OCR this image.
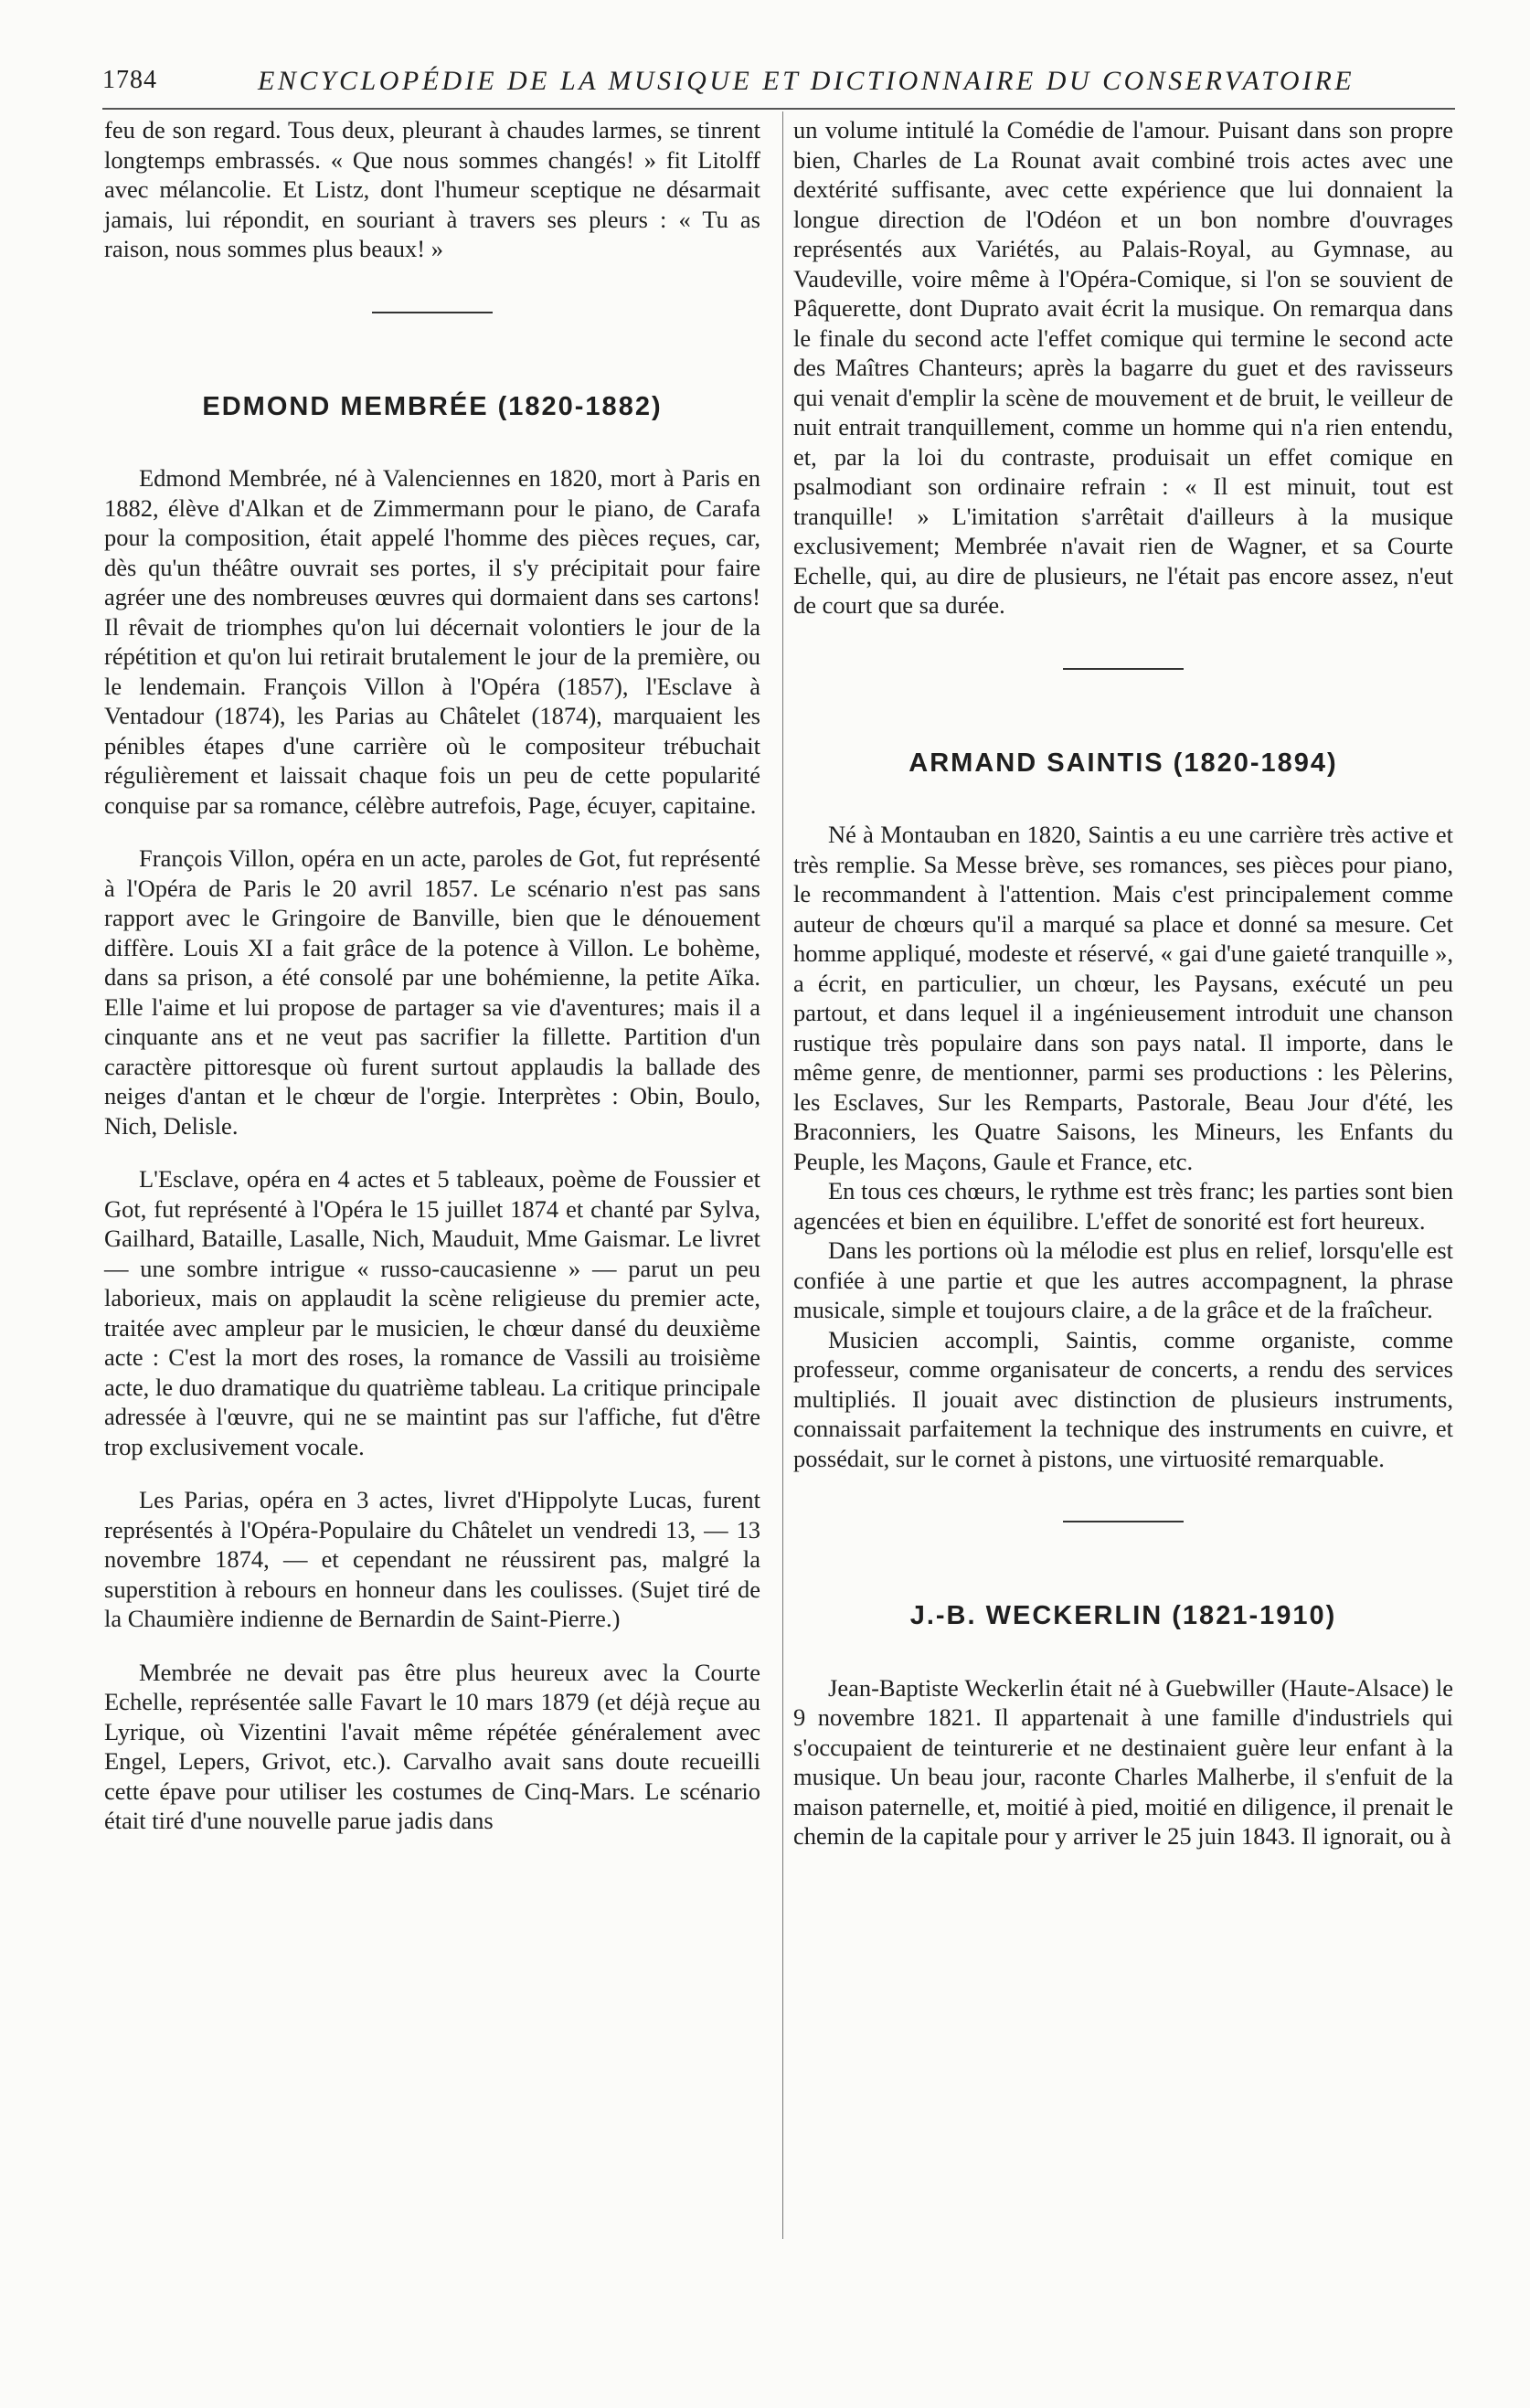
1784	ENCYCLOPÉDIE DE LA MUSIQUE ET DICTIONNAIRE DU CONSERVATOIRE

feu de son regard. Tous deux, pleurant à chaudes larmes, se tinrent longtemps embrassés. « Que nous sommes changés! » fit Litolff avec mélancolie. Et Listz, dont l'humeur sceptique ne désarmait jamais, lui répondit, en souriant à travers ses pleurs : « Tu as raison, nous sommes plus beaux! »

EDMOND MEMBRÉE (1820-1882)

Edmond Membrée, né à Valenciennes en 1820, mort à Paris en 1882, élève d'Alkan et de Zimmermann pour le piano, de Carafa pour la composition, était appelé l'homme des pièces reçues, car, dès qu'un théâtre ouvrait ses portes, il s'y précipitait pour faire agréer une des nombreuses œuvres qui dormaient dans ses cartons! Il rêvait de triomphes qu'on lui décernait volontiers le jour de la répétition et qu'on lui retirait brutalement le jour de la première, ou le lendemain. François Villon à l'Opéra (1857), l'Esclave à Ventadour (1874), les Parias au Châtelet (1874), marquaient les pénibles étapes d'une carrière où le compositeur trébuchait régulièrement et laissait chaque fois un peu de cette popularité conquise par sa romance, célèbre autrefois, Page, écuyer, capitaine.

François Villon, opéra en un acte, paroles de Got, fut représenté à l'Opéra de Paris le 20 avril 1857. Le scénario n'est pas sans rapport avec le Gringoire de Banville, bien que le dénouement diffère. Louis XI a fait grâce de la potence à Villon. Le bohème, dans sa prison, a été consolé par une bohémienne, la petite Aïka. Elle l'aime et lui propose de partager sa vie d'aventures; mais il a cinquante ans et ne veut pas sacrifier la fillette. Partition d'un caractère pittoresque où furent surtout applaudis la ballade des neiges d'antan et le chœur de l'orgie. Interprètes : Obin, Boulo, Nich, Delisle.

L'Esclave, opéra en 4 actes et 5 tableaux, poème de Foussier et Got, fut représenté à l'Opéra le 15 juillet 1874 et chanté par Sylva, Gailhard, Bataille, Lasalle, Nich, Mauduit, Mme Gaismar. Le livret — une sombre intrigue « russo-caucasienne » — parut un peu laborieux, mais on applaudit la scène religieuse du premier acte, traitée avec ampleur par le musicien, le chœur dansé du deuxième acte : C'est la mort des roses, la romance de Vassili au troisième acte, le duo dramatique du quatrième tableau. La critique principale adressée à l'œuvre, qui ne se maintint pas sur l'affiche, fut d'être trop exclusivement vocale.

Les Parias, opéra en 3 actes, livret d'Hippolyte Lucas, furent représentés à l'Opéra-Populaire du Châtelet un vendredi 13, — 13 novembre 1874, — et cependant ne réussirent pas, malgré la superstition à rebours en honneur dans les coulisses. (Sujet tiré de la Chaumière indienne de Bernardin de Saint-Pierre.)

Membrée ne devait pas être plus heureux avec la Courte Echelle, représentée salle Favart le 10 mars 1879 (et déjà reçue au Lyrique, où Vizentini l'avait même répétée généralement avec Engel, Lepers, Grivot, etc.). Carvalho avait sans doute recueilli cette épave pour utiliser les costumes de Cinq-Mars. Le scénario était tiré d'une nouvelle parue jadis dans

un volume intitulé la Comédie de l'amour. Puisant dans son propre bien, Charles de La Rounat avait combiné trois actes avec une dextérité suffisante, avec cette expérience que lui donnaient la longue direction de l'Odéon et un bon nombre d'ouvrages représentés aux Variétés, au Palais-Royal, au Gymnase, au Vaudeville, voire même à l'Opéra-Comique, si l'on se souvient de Pâquerette, dont Duprato avait écrit la musique. On remarqua dans le finale du second acte l'effet comique qui termine le second acte des Maîtres Chanteurs; après la bagarre du guet et des ravisseurs qui venait d'emplir la scène de mouvement et de bruit, le veilleur de nuit entrait tranquillement, comme un homme qui n'a rien entendu, et, par la loi du contraste, produisait un effet comique en psalmodiant son ordinaire refrain : « Il est minuit, tout est tranquille! » L'imitation s'arrêtait d'ailleurs à la musique exclusivement; Membrée n'avait rien de Wagner, et sa Courte Echelle, qui, au dire de plusieurs, ne l'était pas encore assez, n'eut de court que sa durée.

ARMAND SAINTIS (1820-1894)

Né à Montauban en 1820, Saintis a eu une carrière très active et très remplie. Sa Messe brève, ses romances, ses pièces pour piano, le recommandent à l'attention. Mais c'est principalement comme auteur de chœurs qu'il a marqué sa place et donné sa mesure. Cet homme appliqué, modeste et réservé, « gai d'une gaieté tranquille », a écrit, en particulier, un chœur, les Paysans, exécuté un peu partout, et dans lequel il a ingénieusement introduit une chanson rustique très populaire dans son pays natal. Il importe, dans le même genre, de mentionner, parmi ses productions : les Pèlerins, les Esclaves, Sur les Remparts, Pastorale, Beau Jour d'été, les Braconniers, les Quatre Saisons, les Mineurs, les Enfants du Peuple, les Maçons, Gaule et France, etc.

En tous ces chœurs, le rythme est très franc; les parties sont bien agencées et bien en équilibre. L'effet de sonorité est fort heureux.

Dans les portions où la mélodie est plus en relief, lorsqu'elle est confiée à une partie et que les autres accompagnent, la phrase musicale, simple et toujours claire, a de la grâce et de la fraîcheur.

Musicien accompli, Saintis, comme organiste, comme professeur, comme organisateur de concerts, a rendu des services multipliés. Il jouait avec distinction de plusieurs instruments, connaissait parfaitement la technique des instruments en cuivre, et possédait, sur le cornet à pistons, une virtuosité remarquable.

J.-B. WECKERLIN (1821-1910)

Jean-Baptiste Weckerlin était né à Guebwiller (Haute-Alsace) le 9 novembre 1821. Il appartenait à une famille d'industriels qui s'occupaient de teinturerie et ne destinaient guère leur enfant à la musique. Un beau jour, raconte Charles Malherbe, il s'enfuit de la maison paternelle, et, moitié à pied, moitié en diligence, il prenait le chemin de la capitale pour y arriver le 25 juin 1843. Il ignorait, ou à
